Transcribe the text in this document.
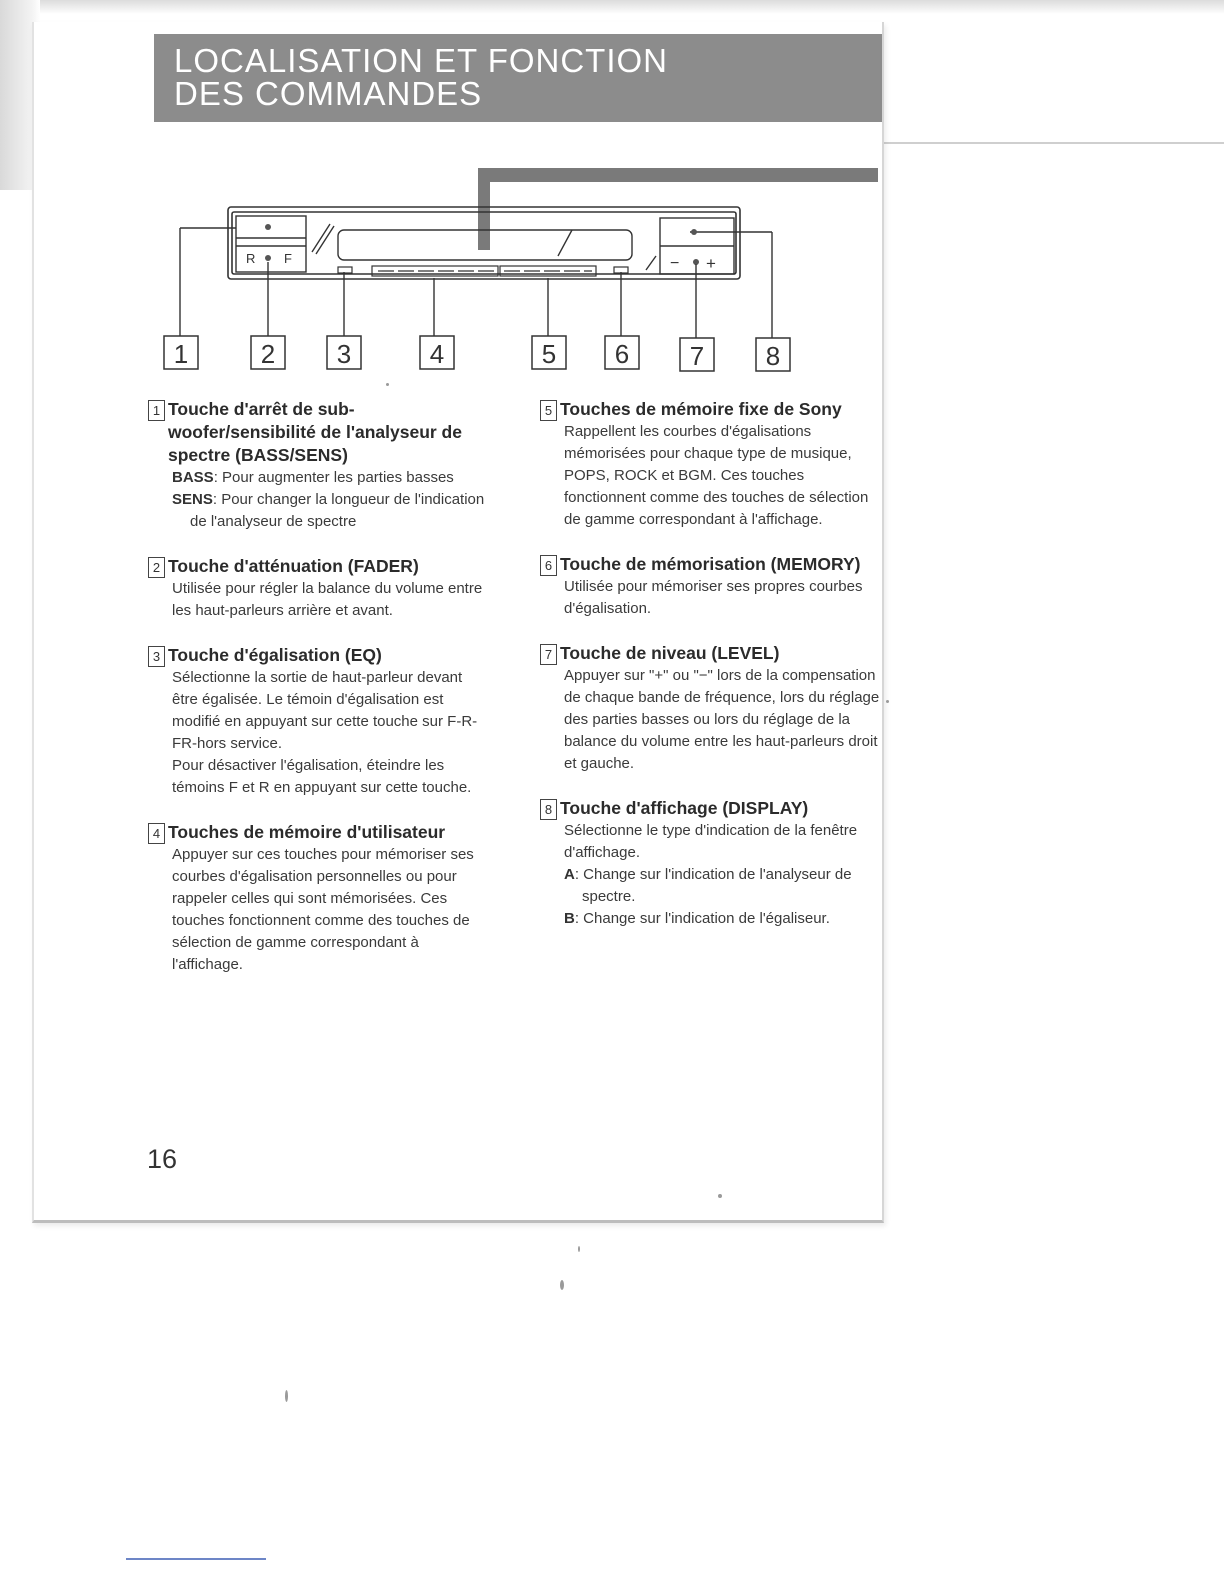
LOCALISATION ET FONCTION
DES COMMANDES
R F	− +
1	2 3	4	5 6 7 8
1 Touche d'arrêt de sub-woofer/sensibilité de l'analyseur de spectre (BASS/SENS)

BASS: Pour augmenter les parties basses

SENS: Pour changer la longueur de l'indication de l'analyseur de spectre

2 Touche d'atténuation (FADER)

Utilisée pour régler la balance du volume entre les haut-parleurs arrière et avant.

3 Touche d'égalisation (EQ)

Sélectionne la sortie de haut-parleur devant être égalisée. Le témoin d'égalisation est modifié en appuyant sur cette touche sur F-R-FR-hors service.

Pour désactiver l'égalisation, éteindre les témoins F et R en appuyant sur cette touche.

4 Touches de mémoire d'utilisateur

Appuyer sur ces touches pour mémoriser ses courbes d'égalisation personnelles ou pour rappeler celles qui sont mémorisées. Ces touches fonctionnent comme des touches de sélection de gamme correspondant à l'affichage.

5 Touches de mémoire fixe de Sony

Rappellent les courbes d'égalisations mémorisées pour chaque type de musique, POPS, ROCK et BGM. Ces touches fonctionnent comme des touches de sélection de gamme correspondant à l'affichage.

6 Touche de mémorisation (MEMORY)

Utilisée pour mémoriser ses propres courbes d'égalisation.

7 Touche de niveau (LEVEL)

Appuyer sur "+" ou "−" lors de la compensation de chaque bande de fréquence, lors du réglage des parties basses ou lors du réglage de la balance du volume entre les haut-parleurs droit et gauche.

8 Touche d'affichage (DISPLAY)

Sélectionne le type d'indication de la fenêtre d'affichage.

A: Change sur l'indication de l'analyseur de spectre.

B: Change sur l'indication de l'égaliseur.

16
